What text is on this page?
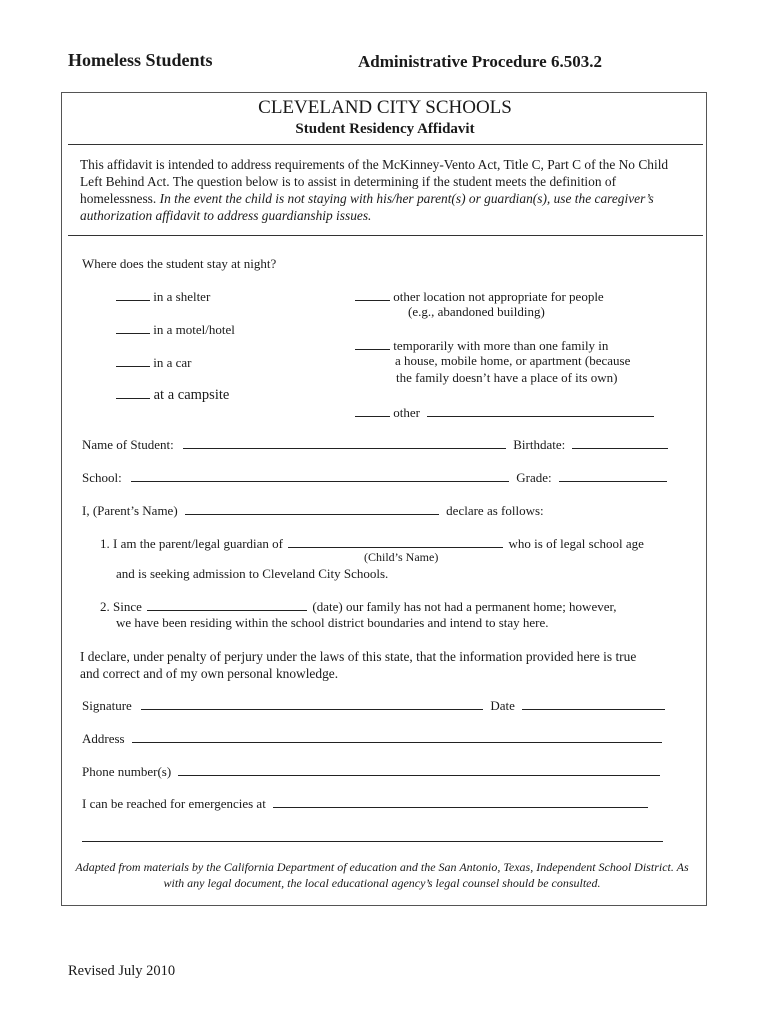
Homeless Students	Administrative Procedure 6.503.2
CLEVELAND CITY SCHOOLS
Student Residency Affidavit
This affidavit is intended to address requirements of the McKinney-Vento Act, Title C, Part C of the No Child Left Behind Act. The question below is to assist in determining if the student meets the definition of homelessness. In the event the child is not staying with his/her parent(s) or guardian(s), use the caregiver’s authorization affidavit to address guardianship issues.
Where does the student stay at night?
in a shelter
in a motel/hotel
in a car
at a campsite
other location not appropriate for people
(e.g., abandoned building)
temporarily with more than one family in
a house, mobile home, or apartment (because
the family doesn’t have a place of its own)
other
Name of Student:	Birthdate:
School:	Grade:
I, (Parent’s Name)	declare as follows:
1. I am the parent/legal guardian of	who is of legal school age
(Child’s Name)
and is seeking admission to Cleveland City Schools.
2. Since	(date) our family has not had a permanent home; however,
we have been residing within the school district boundaries and intend to stay here.
I declare, under penalty of perjury under the laws of this state, that the information provided here is true and correct and of my own personal knowledge.
Signature	Date
Address
Phone number(s)
I can be reached for emergencies at
Adapted from materials by the California Department of education and the San Antonio, Texas, Independent School District. As with any legal document, the local educational agency’s legal counsel should be consulted.
Revised July 2010
